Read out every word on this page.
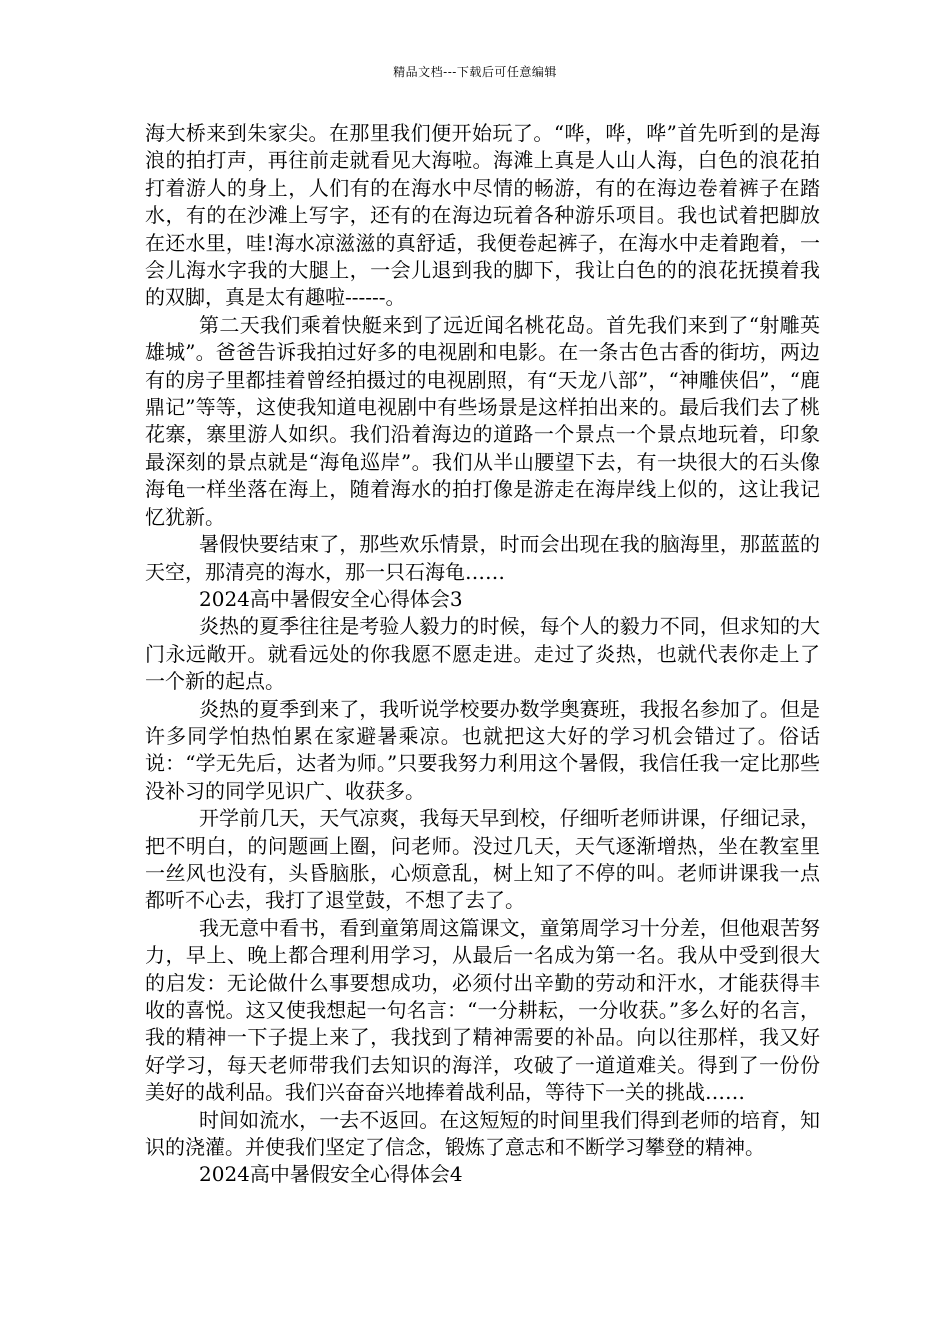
精品文档---下载后可任意编辑

海大桥来到朱家尖。在那里我们便开始玩了。“哗，哗，哗”首先听到的是海浪的拍打声，再往前走就看见大海啦。海滩上真是人山人海，白色的浪花拍打着游人的身上，人们有的在海水中尽情的畅游，有的在海边卷着裤子在踏水，有的在沙滩上写字，还有的在海边玩着各种游乐项目。我也试着把脚放在还水里，哇!海水凉滋滋的真舒适，我便卷起裤子，在海水中走着跑着，一会儿海水字我的大腿上，一会儿退到我的脚下，我让白色的的浪花抚摸着我的双脚，真是太有趣啦------。

第二天我们乘着快艇来到了远近闻名桃花岛。首先我们来到了“射雕英雄城”。爸爸告诉我拍过好多的电视剧和电影。在一条古色古香的街坊，两边有的房子里都挂着曾经拍摄过的电视剧照，有“天龙八部”，“神雕侠侣”，“鹿鼎记”等等，这使我知道电视剧中有些场景是这样拍出来的。最后我们去了桃花寨，寨里游人如织。我们沿着海边的道路一个景点一个景点地玩着，印象最深刻的景点就是“海龟巡岸”。我们从半山腰望下去，有一块很大的石头像海龟一样坐落在海上，随着海水的拍打像是游走在海岸线上似的，这让我记忆犹新。

暑假快要结束了，那些欢乐情景，时而会出现在我的脑海里，那蓝蓝的天空，那清亮的海水，那一只石海龟……

2024高中暑假安全心得体会3

炎热的夏季往往是考验人毅力的时候，每个人的毅力不同，但求知的大门永远敞开。就看远处的你我愿不愿走进。走过了炎热，也就代表你走上了一个新的起点。

炎热的夏季到来了，我听说学校要办数学奥赛班，我报名参加了。但是许多同学怕热怕累在家避暑乘凉。也就把这大好的学习机会错过了。俗话说：“学无先后，达者为师。”只要我努力利用这个暑假，我信任我一定比那些没补习的同学见识广、收获多。

开学前几天，天气凉爽，我每天早到校，仔细听老师讲课，仔细记录，把不明白，的问题画上圈，问老师。没过几天，天气逐渐增热，坐在教室里一丝风也没有，头昏脑胀，心烦意乱，树上知了不停的叫。老师讲课我一点都听不心去，我打了退堂鼓，不想了去了。

我无意中看书，看到童第周这篇课文，童第周学习十分差，但他艰苦努力，早上、晚上都合理利用学习，从最后一名成为第一名。我从中受到很大的启发：无论做什么事要想成功，必须付出辛勤的劳动和汗水，才能获得丰收的喜悦。这又使我想起一句名言：“一分耕耘，一分收获。”多么好的名言，我的精神一下子提上来了，我找到了精神需要的补品。向以往那样，我又好好学习，每天老师带我们去知识的海洋，攻破了一道道难关。得到了一份份美好的战利品。我们兴奋奋兴地捧着战利品，等待下一关的挑战……

时间如流水，一去不返回。在这短短的时间里我们得到老师的培育，知识的浇灌。并使我们坚定了信念，锻炼了意志和不断学习攀登的精神。

2024高中暑假安全心得体会4
